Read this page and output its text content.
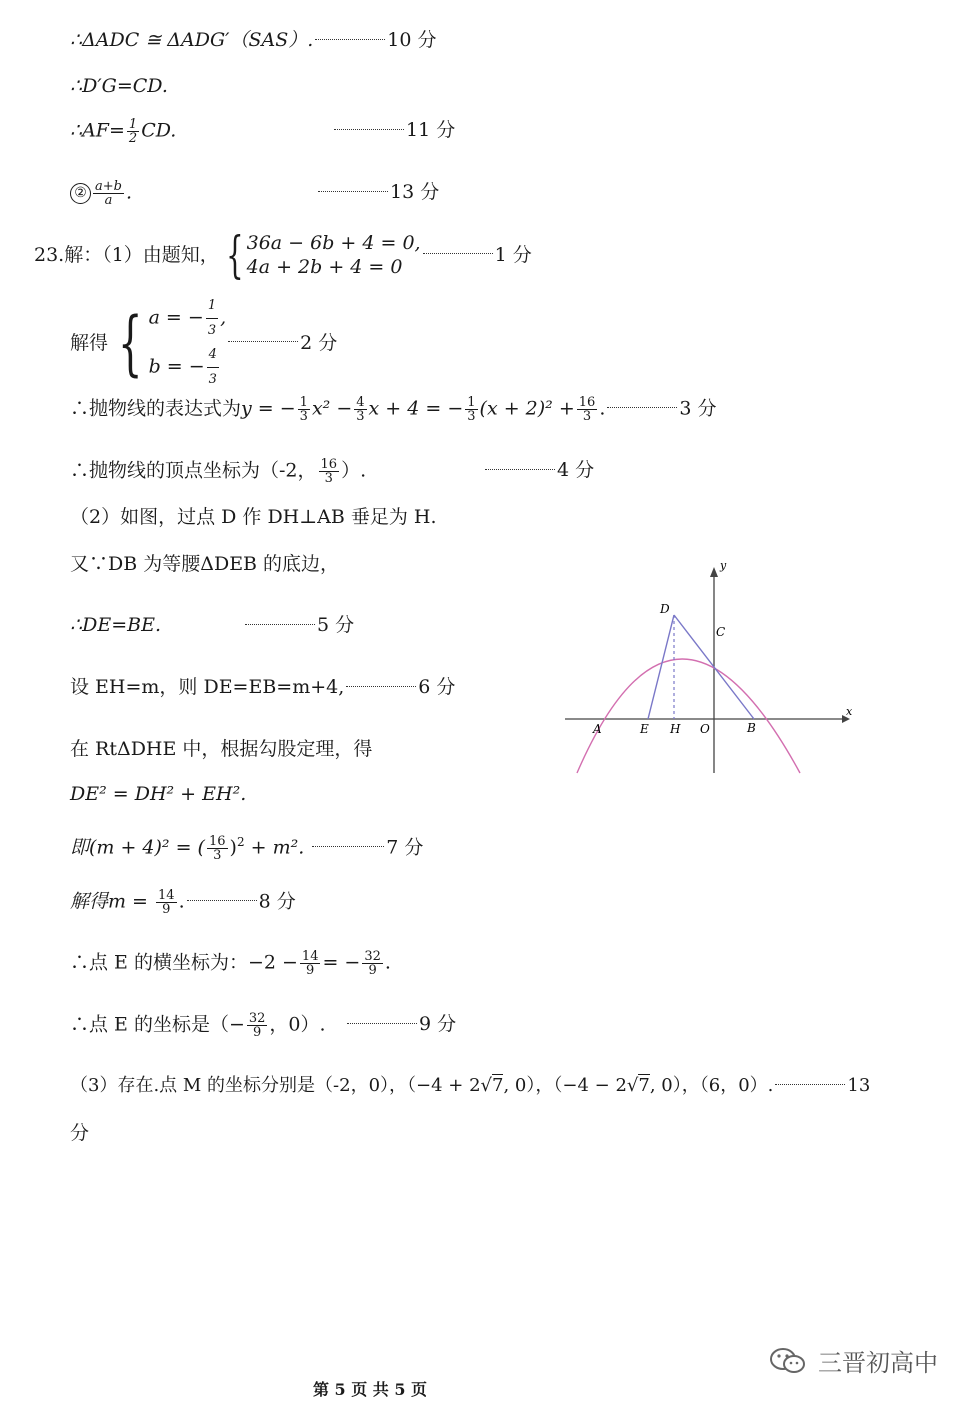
∴ΔADC ≅ ΔADG′（SAS）.	10 分
∴D′G=CD.
∴AF= $\frac{1}{2}$ CD.	11 分
② $\frac{a+b}{a}$ .	13 分
23.解：（1）由题知， { 36a − 6b + 4 = 0,
4a + 2b + 4 = 0
1 分
解得 { a = − $\frac{1}{3}$ ,
b = − $\frac{4}{3}$	2 分
∴抛物线的表达式为y = − $\frac{1}{3} x^2 - \frac{4}{3}$ x + 4 = − $\frac{1}{3} (x + 2)^2 + \frac{16}{3}$ .	3 分
∴抛物线的顶点坐标为（-2， $\frac{16}{3}$ ）.	4 分
（2）如图，过点 D 作 DH⊥AB 垂足为 H.
又∵DB 为等腰ΔDEB 的底边，
∴DE=BE.	5 分
设 EH=m，则 DE=EB=m+4,	6 分
在 RtΔDHE 中，根据勾股定理，得
DE² = DH² + EH².
即(m + 4)² = ( $\frac{16}{3} )^2 + m^2$.	7 分
解得$m = \frac{14}{9}$ .	8 分
∴点 E 的横坐标为：$-2 - \frac{14}{9}$ = − $\frac{32}{9}$ .
∴点 E 的坐标是（− $\frac{32}{9}$ ，0）.	9 分
（3）存在.点 M 的坐标分别是（-2，0），（−4 + 2√7, 0），（−4 − 2√7, 0），（6，0）.	13
分
y
x
D
C
A	E H O	B
第 5 页 共 5 页
三晋初高中
